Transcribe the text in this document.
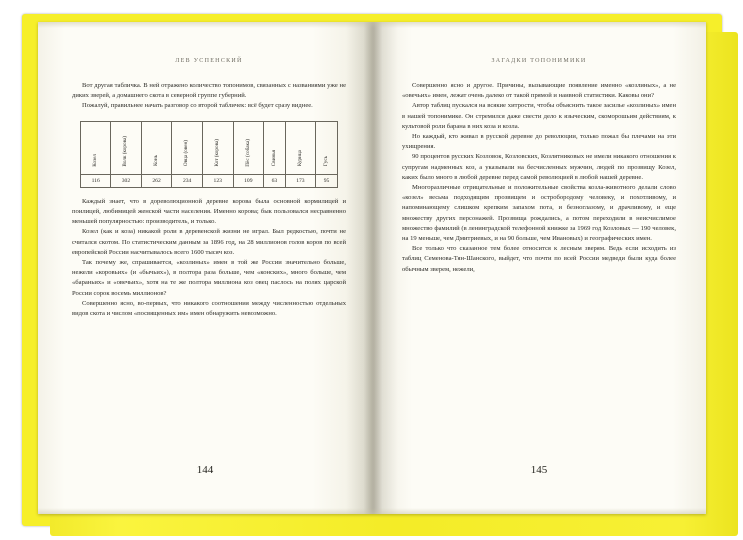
ЛЕВ УСПЕНСКИЙ

Вот другая табличка. В ней отражено количество топонимов, связанных с названиями уже не диких зверей, а домашнего скота в северной группе губерний.

Пожалуй, правильнее начать разговор со второй табличек: всё будет сразу виднее.

Козел	Волк (корова)	Конь	Овца (овен)	Кот (корова)	Пёс (собака)	Свинья	Курица	Гусь
116	302	262	234	123	109	63	173	95

Каждый знает, что в дореволюционной деревне корова была основной кормилицей и поилицей, любимицей женской части населения. Именно корова; бык пользовался несравненно меньшей популярностью: производитель, и только.

Козел (как и коза) никакой роли в деревенской жизни не играл. Был редкостью, почти не считался скотом. По статистическим данным за 1896 год, на 28 миллионов голов коров по всей европейской России насчитывалось всего 1600 тысяч коз.

Так почему же, спрашивается, «козлиных» имен в той же России значительно больше, нежели «коровьих» (и «бычьих»), в полтора раза больше, чем «конских», много больше, чем «бараньих» и «овечьих», хотя на те же полтора миллиона коз овец паслось на полях царской России сорок восемь миллионов?

Совершенно ясно, во-первых, что никакого соотношения между численностью отдельных видов скота и числом «посвященных им» имен обнаружить невозможно.

144
ЗАГАДКИ ТОПОНИМИКИ

Совершенно ясно и другое. Причины, вызывающие появление именно «козлиных», а не «овечьих» имен, лежат очень далеко от такой прямой и наивной статистики. Каковы они?

Автор таблиц пускался на всякие хитрости, чтобы объяснить такое засилье «козлиных» имен в нашей топонимике. Он стремился даже свести дело к языческим, скоморошьим действиям, к культовой роли барана в них коза и козла.

Но каждый, кто живал в русской деревне до революции, только пожал бы плечами на эти ухищрения.

90 процентов русских Козловок, Козловских, Козлятниковых не имели никакого отношения к супругам надменных коз, а указывали на бесчисленных мужчин, людей по прозвищу Козел, каких было много в любой деревне перед самой революцией в любой нашей деревне.

Многоразличные отрицательные и положительные свойства козла-животного делали слово «козел» весьма подходящим прозвищем и остробородому человеку, и похотливому, и напоминающему слишком крепким запахом пота, и безноглазому, и драчливому, и еще множеству других персонажей. Прозвища рождались, а потом переходили в неисчислимое множество фамилий (в ленинградской телефонной книжке за 1969 год Козловых — 190 человек, на 19 меньше, чем Дмитриевых, и на 90 больше, чем Ивановых) и географических имен.

Все только что сказанное тем более относится к лесным зверям. Ведь если исходить из таблиц Семенова-Тян-Шанского, выйдет, что почти по всей России медведи были куда более обычным зверем, нежели,

145
